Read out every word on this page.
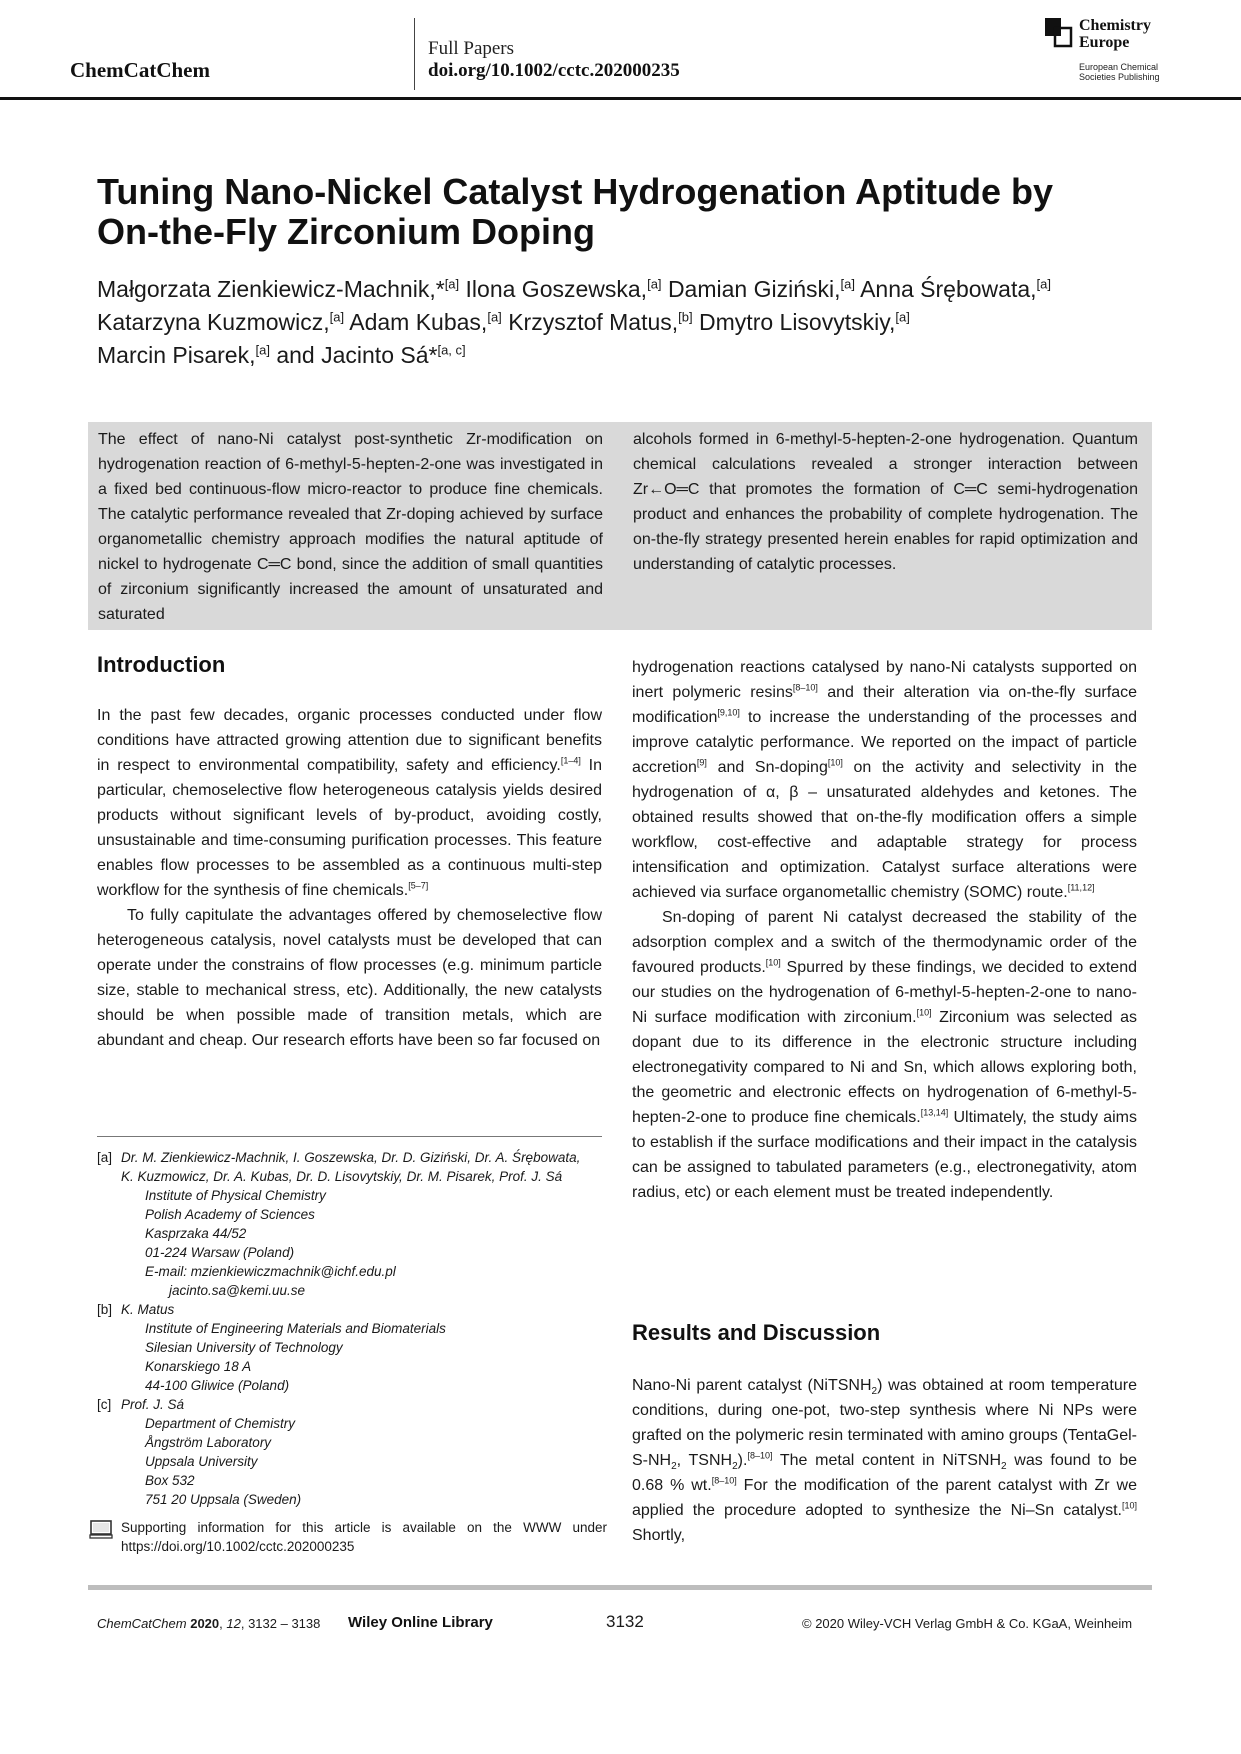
ChemCatChem
Full Papers
doi.org/10.1002/cctc.202000235
Chemistry
Europe
European Chemical
Societies Publishing
Tuning Nano-Nickel Catalyst Hydrogenation Aptitude by
On-the-Fly Zirconium Doping
Małgorzata Zienkiewicz-Machnik,*[a] Ilona Goszewska,[a] Damian Giziński,[a] Anna Śrębowata,[a]
Katarzyna Kuzmowicz,[a] Adam Kubas,[a] Krzysztof Matus,[b] Dmytro Lisovytskiy,[a]
Marcin Pisarek,[a] and Jacinto Sá*[a, c]
The effect of nano-Ni catalyst post-synthetic Zr-modification on hydrogenation reaction of 6-methyl-5-hepten-2-one was investigated in a fixed bed continuous-flow micro-reactor to produce fine chemicals. The catalytic performance revealed that Zr-doping achieved by surface organometallic chemistry approach modifies the natural aptitude of nickel to hydrogenate C═C bond, since the addition of small quantities of zirconium significantly increased the amount of unsaturated and saturated
alcohols formed in 6-methyl-5-hepten-2-one hydrogenation. Quantum chemical calculations revealed a stronger interaction between Zr←O═C that promotes the formation of C═C semi-hydrogenation product and enhances the probability of complete hydrogenation. The on-the-fly strategy presented herein enables for rapid optimization and understanding of catalytic processes.
Introduction

In the past few decades, organic processes conducted under flow conditions have attracted growing attention due to significant benefits in respect to environmental compatibility, safety and efficiency.[1–4] In particular, chemoselective flow heterogeneous catalysis yields desired products without significant levels of by-product, avoiding costly, unsustainable and time-consuming purification processes. This feature enables flow processes to be assembled as a continuous multi-step workflow for the synthesis of fine chemicals.[5–7]

To fully capitulate the advantages offered by chemoselective flow heterogeneous catalysis, novel catalysts must be developed that can operate under the constrains of flow processes (e.g. minimum particle size, stable to mechanical stress, etc). Additionally, the new catalysts should be when possible made of transition metals, which are abundant and cheap. Our research efforts have been so far focused on

hydrogenation reactions catalysed by nano-Ni catalysts supported on inert polymeric resins[8–10] and their alteration via on-the-fly surface modification[9,10] to increase the understanding of the processes and improve catalytic performance. We reported on the impact of particle accretion[9] and Sn-doping[10] on the activity and selectivity in the hydrogenation of α, β – unsaturated aldehydes and ketones. The obtained results showed that on-the-fly modification offers a simple workflow, cost-effective and adaptable strategy for process intensification and optimization. Catalyst surface alterations were achieved via surface organometallic chemistry (SOMC) route.[11,12]

Sn-doping of parent Ni catalyst decreased the stability of the adsorption complex and a switch of the thermodynamic order of the favoured products.[10] Spurred by these findings, we decided to extend our studies on the hydrogenation of 6-methyl-5-hepten-2-one to nano-Ni surface modification with zirconium.[10] Zirconium was selected as dopant due to its difference in the electronic structure including electronegativity compared to Ni and Sn, which allows exploring both, the geometric and electronic effects on hydrogenation of 6-methyl-5-hepten-2-one to produce fine chemicals.[13,14] Ultimately, the study aims to establish if the surface modifications and their impact in the catalysis can be assigned to tabulated parameters (e.g., electronegativity, atom radius, etc) or each element must be treated independently.

Results and Discussion

Nano-Ni parent catalyst (NiTSNH$_2$) was obtained at room temperature conditions, during one-pot, two-step synthesis where Ni NPs were grafted on the polymeric resin terminated with amino groups ($TentaGel-S-NH_2$, $TSNH_2).[8-10]$ The metal content in NiTSNH$_2$ was found to be 0.68 % wt.[8–10] For the modification of the parent catalyst with Zr we applied the procedure adopted to synthesize the Ni–Sn catalyst.[10] Shortly,

[a] Dr. M. Zienkiewicz-Machnik, I. Goszewska, Dr. D. Giziński, Dr. A. Śrębowata,
K. Kuzmowicz, Dr. A. Kubas, Dr. D. Lisovytskiy, Dr. M. Pisarek, Prof. J. Sá
Institute of Physical Chemistry
Polish Academy of Sciences
Kasprzaka 44/52
01-224 Warsaw (Poland)
E-mail: mzienkiewiczmachnik@ichf.edu.pl
jacinto.sa@kemi.uu.se
[b] K. Matus
Institute of Engineering Materials and Biomaterials
Silesian University of Technology
Konarskiego 18 A
44-100 Gliwice (Poland)
[c] Prof. J. Sá
Department of Chemistry
Ångström Laboratory
Uppsala University
Box 532
751 20 Uppsala (Sweden)
Supporting information for this article is available on the WWW under https://doi.org/10.1002/cctc.202000235
ChemCatChem 2020, 12, 3132 – 3138 Wiley Online Library	3132	© 2020 Wiley-VCH Verlag GmbH & Co. KGaA, Weinheim
